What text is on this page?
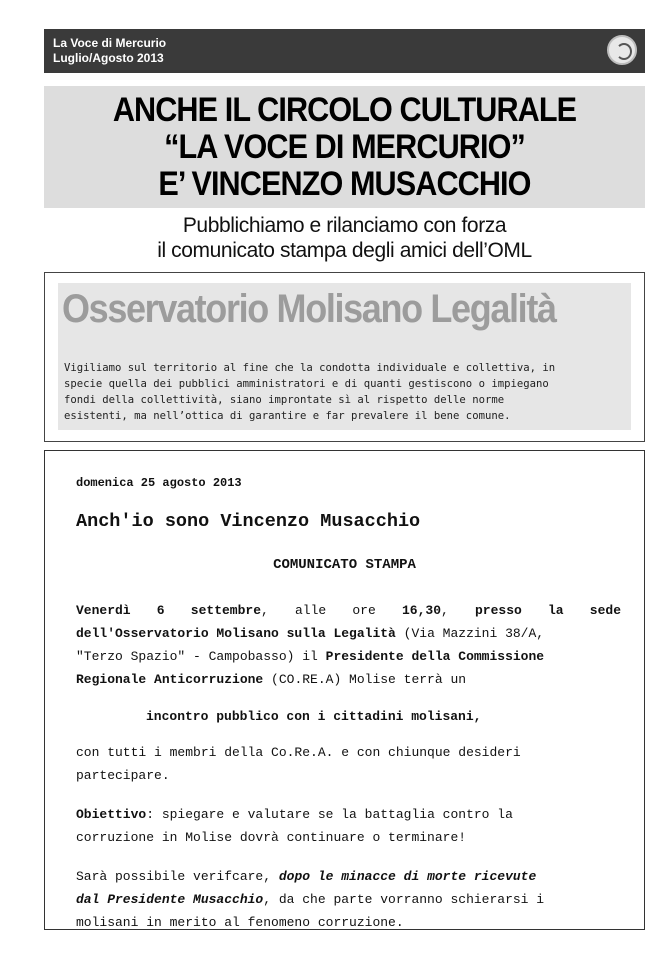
La Voce di Mercurio
Luglio/Agosto 2013
ANCHE IL CIRCOLO CULTURALE
“LA VOCE DI MERCURIO”
E’ VINCENZO MUSACCHIO
Pubblichiamo e rilanciamo con forza
il comunicato stampa degli amici dell’OML
Osservatorio Molisano Legalità
Vigiliamo sul territorio al fine che la condotta individuale e collettiva, in
specie quella dei pubblici amministratori e di quanti gestiscono o impiegano
fondi della collettività, siano improntate sì al rispetto delle norme
esistenti, ma nell’ottica di garantire e far prevalere il bene comune.
domenica 25 agosto 2013
Anch'io sono Vincenzo Musacchio
COMUNICATO STAMPA
Venerdì 6 settembre, alle ore 16,30, presso la sede
dell'Osservatorio Molisano sulla Legalità (Via Mazzini 38/A,
"Terzo Spazio" - Campobasso) il Presidente della Commissione
Regionale Anticorruzione (CO.RE.A) Molise terrà un
incontro pubblico con i cittadini molisani,
con tutti i membri della Co.Re.A. e con chiunque desideri
partecipare.
Obiettivo: spiegare e valutare se la battaglia contro la
corruzione in Molise dovrà continuare o terminare!
Sarà possibile verifcare, dopo le minacce di morte ricevute
dal Presidente Musacchio, da che parte vorranno schierarsi i
molisani in merito al fenomeno corruzione.
